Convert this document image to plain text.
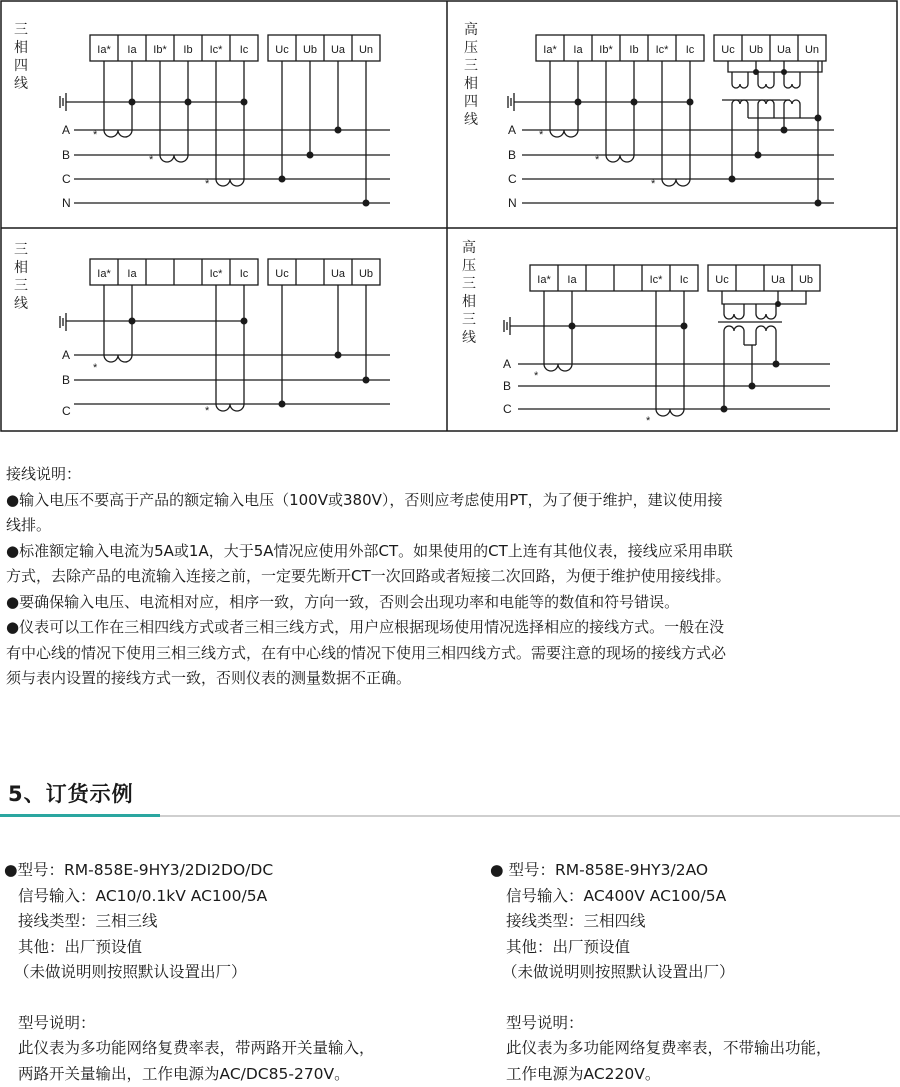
三
相
四
线
Ia* Ia Ib* Ib Ic* Ic Uc Ub Ua Un
A
B
C
N
*
*
*
高
压
三
相
四
线
Ia* Ia Ib* Ib Ic* Ic Uc Ub Ua Un
A
B
C
N
*
*
*
三
相
三
线
Ia* Ia	Ic* Ic Uc	Ua Ub
A
B
C
*
*
高
压
三
相
三
线
Ia* Ia	Ic* Ic Uc	Ua Ub
A
B
C
*
*

接线说明：

●输入电压不要高于产品的额定输入电压（100V或380V），否则应考虑使用PT，为了便于维护，建议使用接

线排。

●标准额定输入电流为5A或1A，大于5A情况应使用外部CT。如果使用的CT上连有其他仪表，接线应采用串联

方式，去除产品的电流输入连接之前，一定要先断开CT一次回路或者短接二次回路，为便于维护使用接线排。

●要确保输入电压、电流相对应，相序一致，方向一致，否则会出现功率和电能等的数值和符号错误。

●仪表可以工作在三相四线方式或者三相三线方式，用户应根据现场使用情况选择相应的接线方式。一般在没

有中心线的情况下使用三相三线方式，在有中心线的情况下使用三相四线方式。需要注意的现场的接线方式必

须与表内设置的接线方式一致，否则仪表的测量数据不正确。

5、订货示例

●型号：RM-858E-9HY3/2DI2DO/DC

信号输入：AC10/0.1kV AC100/5A

接线类型：三相三线

其他：出厂预设值

（未做说明则按照默认设置出厂）

型号说明：

此仪表为多功能网络复费率表，带两路开关量输入，

两路开关量输出，工作电源为AC/DC85-270V。

● 型号：RM-858E-9HY3/2AO

信号输入：AC400V AC100/5A

接线类型：三相四线

其他：出厂预设值

（未做说明则按照默认设置出厂）

型号说明：

此仪表为多功能网络复费率表，不带输出功能，

工作电源为AC220V。
